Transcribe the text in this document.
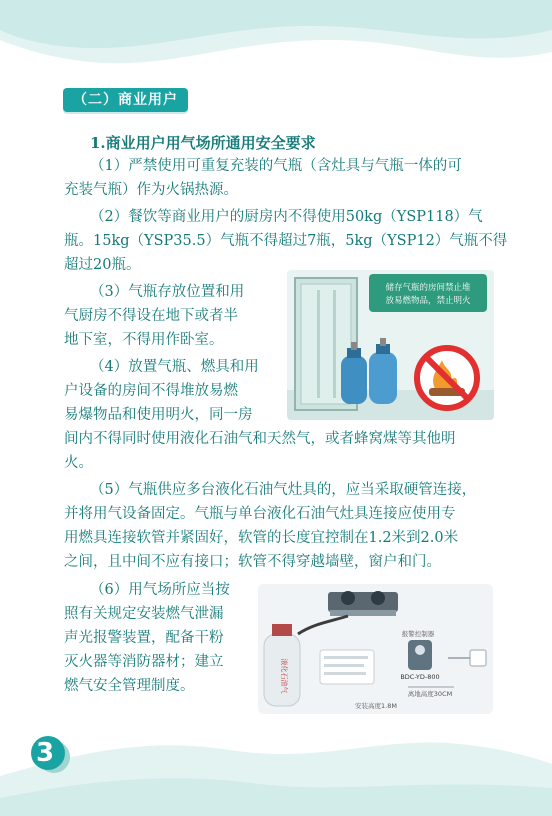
（二）商业用户
1.商业用户用气场所通用安全要求
（1）严禁使用可重复充装的气瓶（含灶具与气瓶一体的可
充装气瓶）作为火锅热源。
（2）餐饮等商业用户的厨房内不得使用50kg（YSP118）气
瓶。15kg（YSP35.5）气瓶不得超过7瓶，5kg（YSP12）气瓶不得
超过20瓶。
（3）气瓶存放位置和用
气厨房不得设在地下或者半
地下室，不得用作卧室。
（4）放置气瓶、燃具和用
户设备的房间不得堆放易燃
易爆物品和使用明火，同一房
间内不得同时使用液化石油气和天然气，或者蜂窝煤等其他明
火。
（5）气瓶供应多台液化石油气灶具的，应当采取硬管连接，
并将用气设备固定。气瓶与单台液化石油气灶具连接应使用专
用燃具连接软管并紧固好，软管的长度宜控制在1.2米到2.0米
之间，且中间不应有接口；软管不得穿越墙壁，窗户和门。
（6）用气场所应当按
照有关规定安装燃气泄漏
声光报警装置，配备干粉
灭火器等消防器材；建立
燃气安全管理制度。
储存气瓶的房间禁止堆
放易燃物品，禁止明火
液化石油气
报警控制器
BDC-YD-800
离地高度30CM
安装高度1.8M
3
